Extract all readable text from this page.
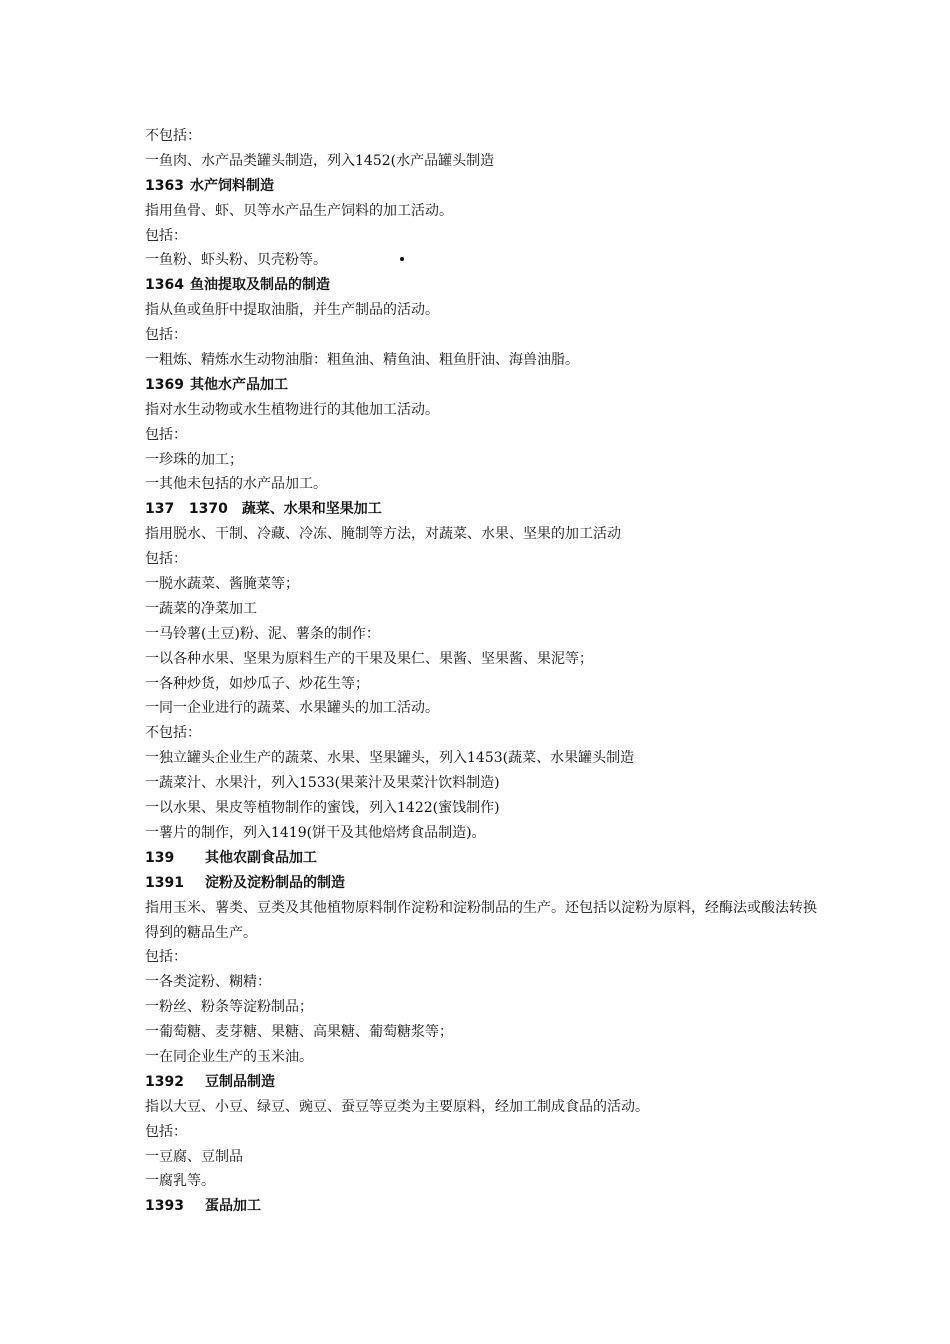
不包括：
一鱼肉、水产品类罐头制造，列入1452(水产品罐头制造
1363 水产饲料制造
指用鱼骨、虾、贝等水产品生产饲料的加工活动。
包括：
一鱼粉、虾头粉、贝壳粉等。
1364 鱼油提取及制品的制造
指从鱼或鱼肝中提取油脂，并生产制品的活动。
包括：
一粗炼、精炼水生动物油脂：粗鱼油、精鱼油、粗鱼肝油、海兽油脂。
1369 其他水产品加工
指对水生动物或水生植物进行的其他加工活动。
包括：
一珍珠的加工；
一其他未包括的水产品加工。
137   1370 蔬菜、水果和坚果加工
指用脱水、干制、冷藏、冷冻、腌制等方法，对蔬菜、水果、坚果的加工活动
包括：
一脱水蔬菜、酱腌菜等；
一蔬菜的净菜加工
一马铃薯(土豆)粉、泥、薯条的制作：
一以各种水果、坚果为原料生产的干果及果仁、果酱、坚果酱、果泥等；
一各种炒货，如炒瓜子、炒花生等；
一同一企业进行的蔬菜、水果罐头的加工活动。
不包括：
一独立罐头企业生产的蔬菜、水果、坚果罐头，列入1453(蔬菜、水果罐头制造
一蔬菜汁、水果汁，列入1533(果莱汁及果菜汁饮料制造)
一以水果、果皮等植物制作的蜜饯，列入1422(蜜饯制作)
一薯片的制作，列入1419(饼干及其他焙烤食品制造)。
139 其他农副食品加工
1391 淀粉及淀粉制品的制造
指用玉米、薯类、豆类及其他植物原料制作淀粉和淀粉制品的生产。还包括以淀粉为原料，经酶法或酸法转换得到的糖品生产。
包括：
一各类淀粉、糊精：
一粉丝、粉条等淀粉制品；
一葡萄糖、麦芽糖、果糖、高果糖、葡萄糖浆等；
一在同企业生产的玉米油。
1392 豆制品制造
指以大豆、小豆、绿豆、豌豆、蚕豆等豆类为主要原料，经加工制成食品的活动。
包括：
一豆腐、豆制品
一腐乳等。
1393 蛋品加工
